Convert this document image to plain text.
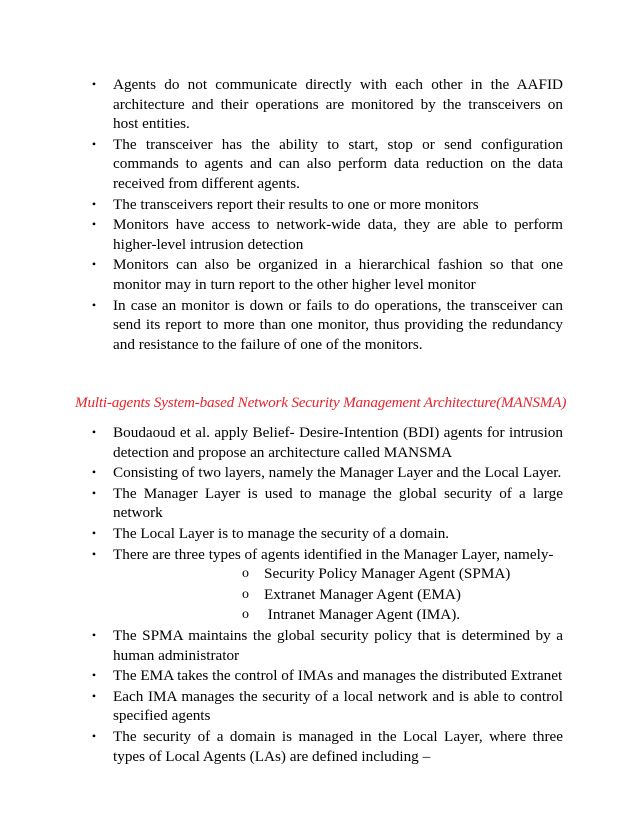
• Agents do not communicate directly with each other in the AAFID architecture and their operations are monitored by the transceivers on host entities.
• The transceiver has the ability to start, stop or send configuration commands to agents and can also perform data reduction on the data received from different agents.
• The transceivers report their results to one or more monitors
• Monitors have access to network-wide data, they are able to perform higher-level intrusion detection
• Monitors can also be organized in a hierarchical fashion so that one monitor may in turn report to the other higher level monitor
• In case an monitor is down or fails to do operations, the transceiver can send its report to more than one monitor, thus providing the redundancy and resistance to the failure of one of the monitors.

Multi-agents System-based Network Security Management Architecture(MANSMA)

• Boudaoud et al. apply Belief- Desire-Intention (BDI) agents for intrusion detection and propose an architecture called MANSMA
• Consisting of two layers, namely the Manager Layer and the Local Layer.
• The Manager Layer is used to manage the global security of a large network
• The Local Layer is to manage the security of a domain.
• There are three types of agents identified in the Manager Layer, namely-
o Security Policy Manager Agent (SPMA)
o Extranet Manager Agent (EMA)
o Intranet Manager Agent (IMA).
• The SPMA maintains the global security policy that is determined by a human administrator
• The EMA takes the control of IMAs and manages the distributed Extranet
• Each IMA manages the security of a local network and is able to control specified agents
• The security of a domain is managed in the Local Layer, where three types of Local Agents (LAs) are defined including –
